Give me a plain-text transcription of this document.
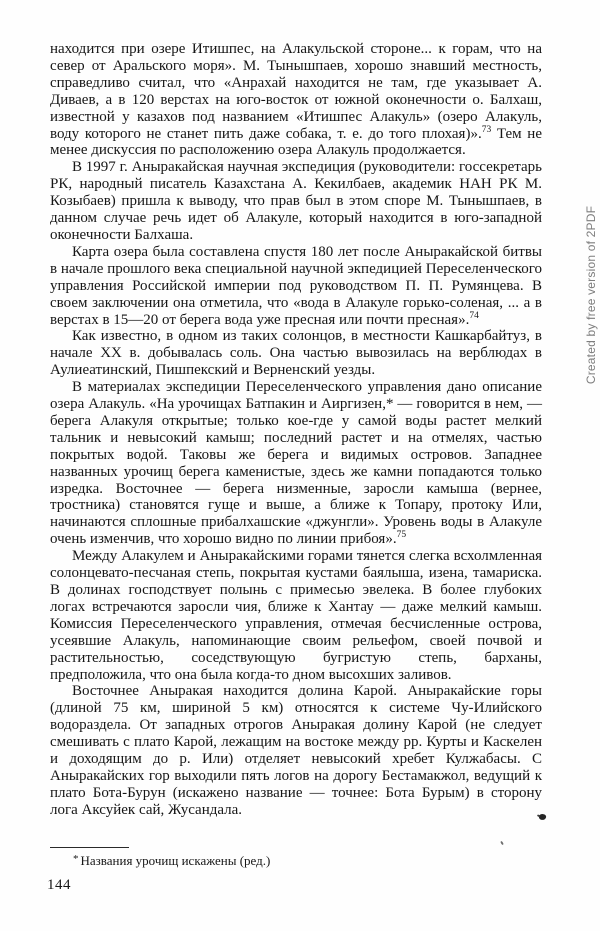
находится при озере Итишпес, на Алакульской стороне... к горам, что на север от Аральского моря». М. Тынышпаев, хорошо знавший местность, справедливо считал, что «Анрахай находится не там, где указывает А. Диваев, а в 120 верстах на юго-восток от южной оконечности о. Балхаш, известной у казахов под названием «Итишпес Алакуль» (озеро Алакуль, воду которого не станет пить даже собака, т. е. до того плохая)».$^{73}$ Тем не менее дискуссия по расположению озера Алакуль продолжается.

В 1997 г. Аныракайская научная экспедиция (руководители: госсекретарь РК, народный писатель Казахстана А. Кекилбаев, академик НАН РК М. Козыбаев) пришла к выводу, что прав был в этом споре М. Тынышпаев, в данном случае речь идет об Алакуле, который находится в юго-западной оконечности Балхаша.

Карта озера была составлена спустя 180 лет после Аныракайской битвы в начале прошлого века специальной научной экпедицией Переселенческого управления Российской империи под руководством П. П. Румянцева. В своем заключении она отметила, что «вода в Алакуле горько-соленая, ... а в верстах в 15—20 от берега вода уже пресная или почти пресная».$^{74}$

Как известно, в одном из таких солонцов, в местности Кашкарбайтуз, в начале XX в. добывалась соль. Она частью вывозилась на верблюдах в Аулиеатинский, Пишпекский и Верненский уезды.

В материалах экспедиции Переселенческого управления дано описание озера Алакуль. «На урочищах Батпакин и Аиргизен,* — говорится в нем, — берега Алакуля открытые; только кое-где у самой воды растет мелкий тальник и невысокий камыш; последний растет и на отмелях, частью покрытых водой. Таковы же берега и видимых островов. Западнее названных урочищ берега каменистые, здесь же камни попадаются только изредка. Восточнее — берега низменные, заросли камыша (вернее, тростника) становятся гуще и выше, а ближе к Топару, протоку Или, начинаются сплошные прибалхашские «джунгли». Уровень воды в Алакуле очень изменчив, что хорошо видно по линии прибоя».$^{75}$

Между Алакулем и Аныракайскими горами тянется слегка всхолмленная солонцевато-песчаная степь, покрытая кустами баялыша, изена, тамариска. В долинах господствует полынь с примесью эвелека. В более глубоких логах встречаются заросли чия, ближе к Хантау — даже мелкий камыш. Комиссия Переселенческого управления, отмечая бесчисленные острова, усеявшие Алакуль, напоминающие своим рельефом, своей почвой и растительностью, соседствующую бугристую степь, барханы, предположила, что она была когда-то дном высохших заливов.

Восточнее Аныракая находится долина Карой. Аныракайские горы (длиной 75 км, шириной 5 км) относятся к системе Чу-Илийского водораздела. От западных отрогов Аныракая долину Карой (не следует смешивать с плато Карой, лежащим на востоке между рр. Курты и Каскелен и доходящим до р. Или) отделяет невысокий хребет Кулжабасы. С Аныракайских гор выходили пять логов на дорогу Бестамакжол, ведущий к плато Бота-Бурун (искажено название — точнее: Бота Бурым) в сторону лога Аксуйек сай, Жусандала.

* Названия урочищ искажены (ред.)
144
Created by free version of 2PDF
